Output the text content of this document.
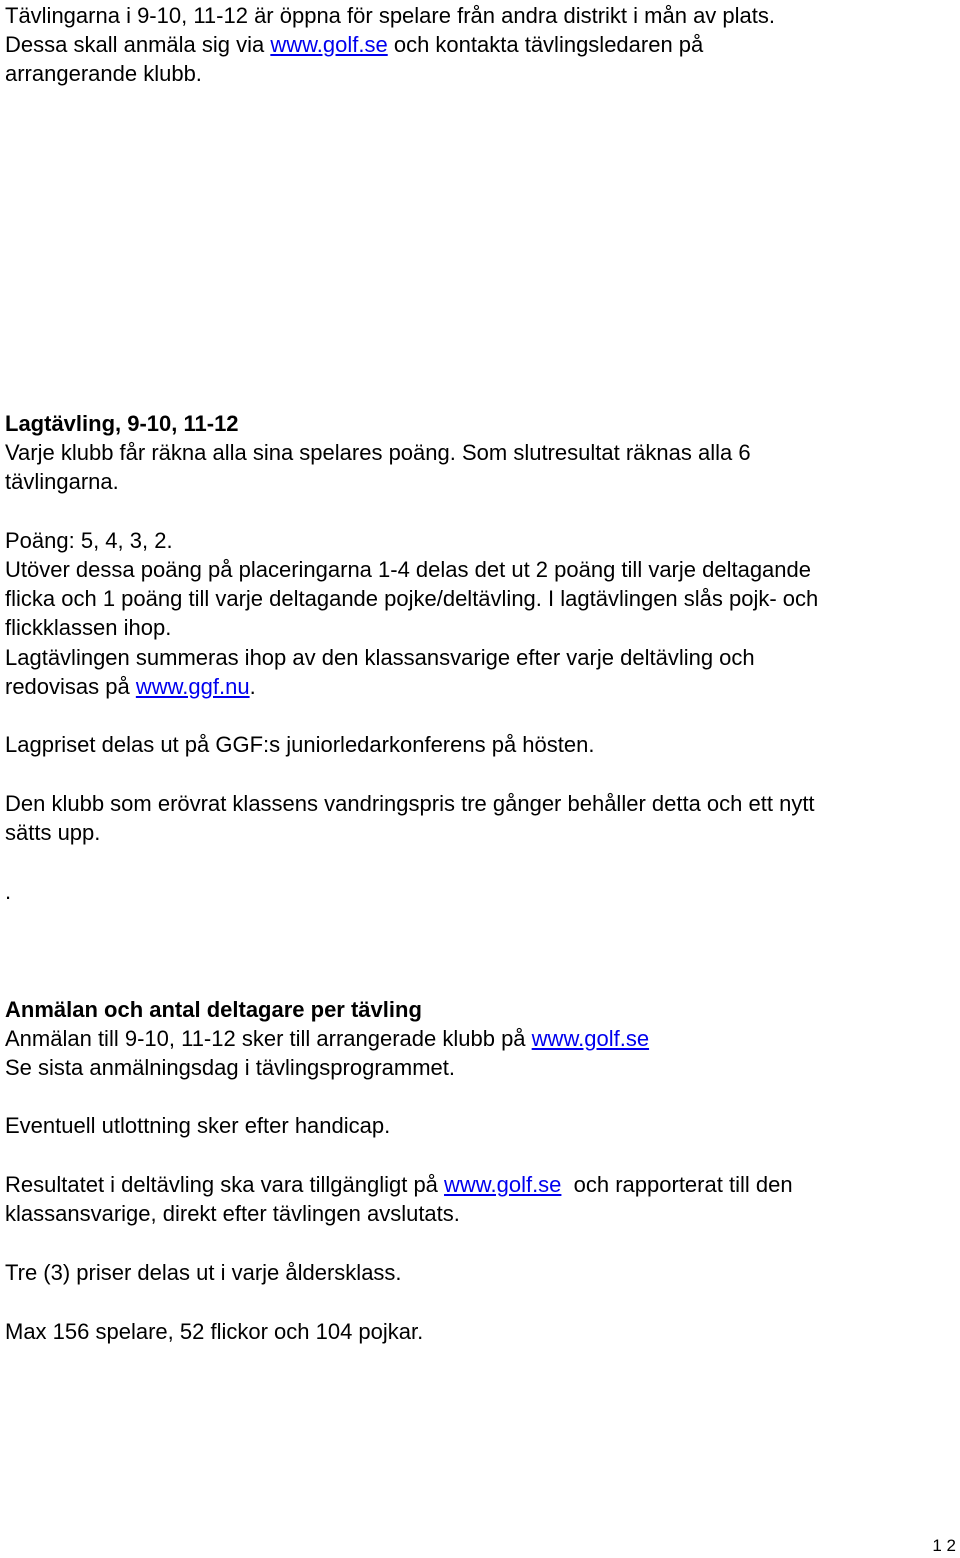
Tävlingarna i 9-10, 11-12 är öppna för spelare från andra distrikt i mån av plats.
Dessa skall anmäla sig via www.golf.se och kontakta tävlingsledaren på
arrangerande klubb.
Lagtävling, 9-10, 11-12
Varje klubb får räkna alla sina spelares poäng. Som slutresultat räknas alla 6
tävlingarna.
Poäng: 5, 4, 3, 2.
Utöver dessa poäng på placeringarna 1-4 delas det ut 2 poäng till varje deltagande
flicka och 1 poäng till varje deltagande pojke/deltävling. I lagtävlingen slås pojk- och
flickklassen ihop.
Lagtävlingen summeras ihop av den klassansvarige efter varje deltävling och
redovisas på www.ggf.nu.
Lagpriset delas ut på GGF:s juniorledarkonferens på hösten.
Den klubb som erövrat klassens vandringspris tre gånger behåller detta och ett nytt
sätts upp.
.
Anmälan och antal deltagare per tävling
Anmälan till 9-10, 11-12 sker till arrangerade klubb på www.golf.se
Se sista anmälningsdag i tävlingsprogrammet.
Eventuell utlottning sker efter handicap.
Resultatet i deltävling ska vara tillgängligt på www.golf.se  och rapporterat till den
klassansvarige, direkt efter tävlingen avslutats.
Tre (3) priser delas ut i varje åldersklass.
Max 156 spelare, 52 flickor och 104 pojkar.
1 2
